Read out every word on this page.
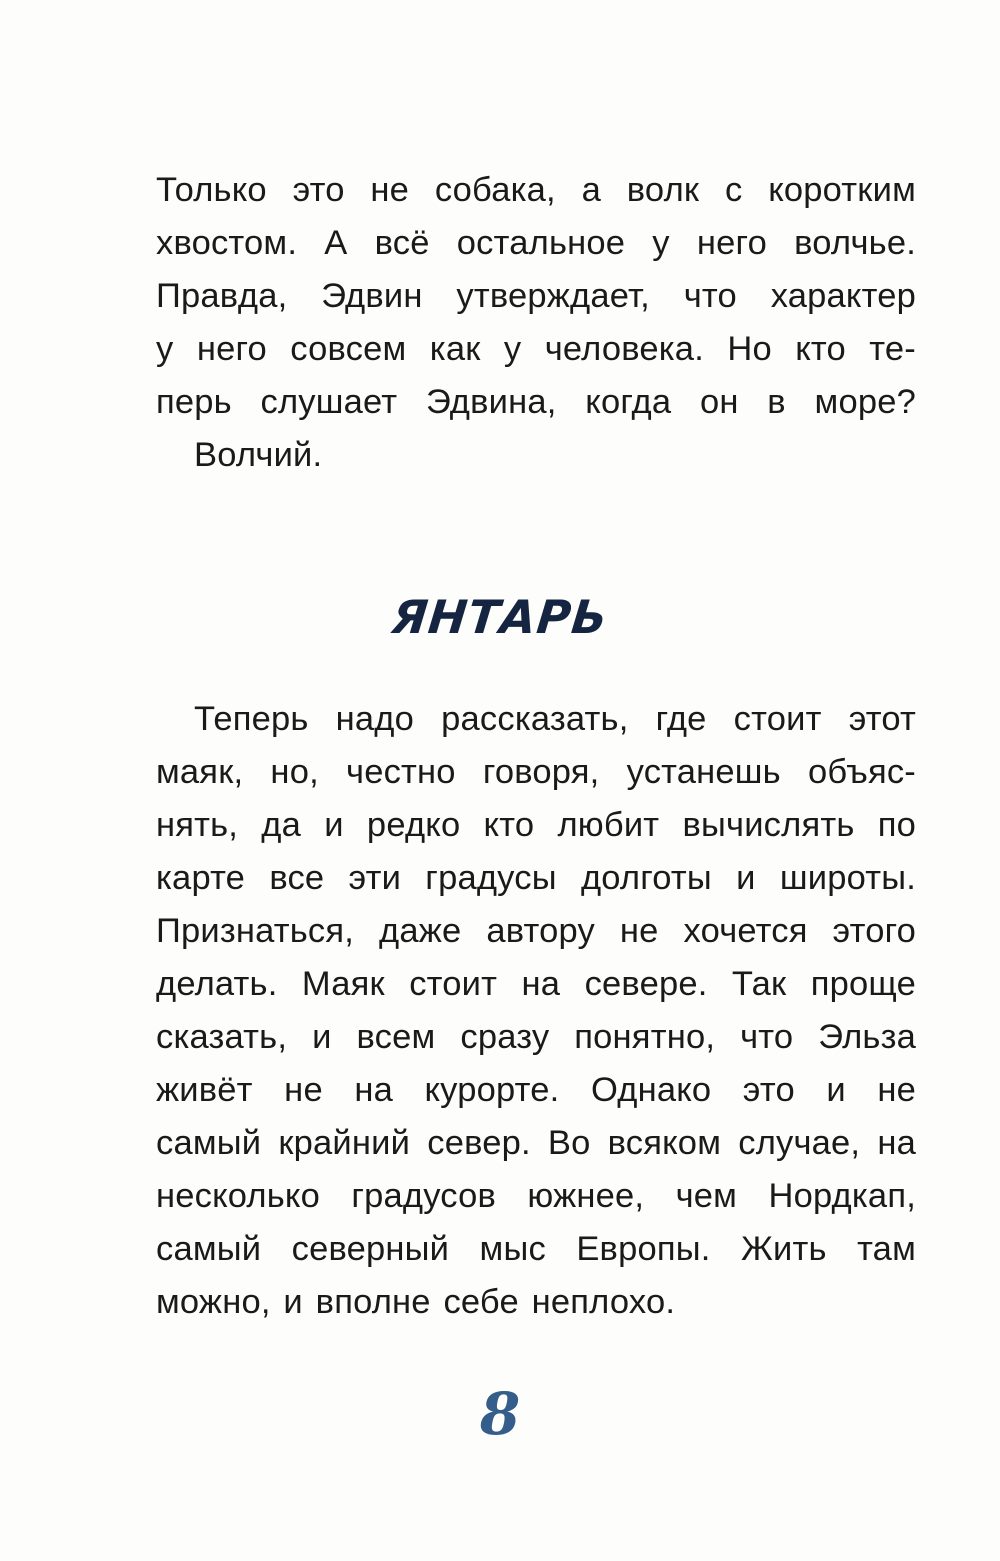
Только это не собака, а волк с коротким
хвостом. А всё остальное у него волчье.
Правда, Эдвин утверждает, что характер
у него совсем как у человека. Но кто те-
перь слушает Эдвина, когда он в море?
Волчий.
ЯНТАРЬ
Теперь надо рассказать, где стоит этот
маяк, но, честно говоря, устанешь объяс-
нять, да и редко кто любит вычислять по
карте все эти градусы долготы и широты.
Признаться, даже автору не хочется этого
делать. Маяк стоит на севере. Так проще
сказать, и всем сразу понятно, что Эльза
живёт не на курорте. Однако это и не
самый крайний север. Во всяком случае, на
несколько градусов южнее, чем Нордкап,
самый северный мыс Европы. Жить там
можно, и вполне себе неплохо.
8
